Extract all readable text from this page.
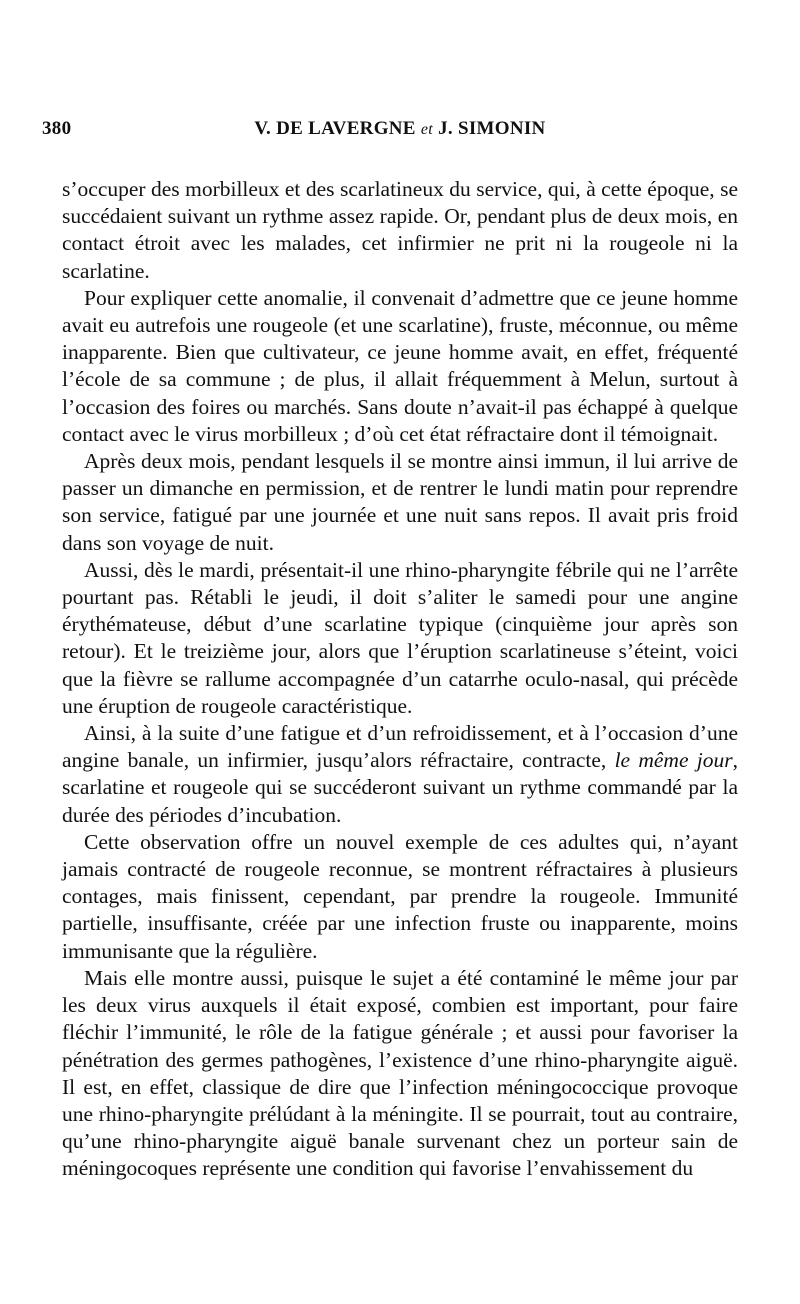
380	V. DE LAVERGNE et J. SIMONIN

s’occuper des morbilleux et des scarlatineux du service, qui, à cette époque, se succédaient suivant un rythme assez rapide. Or, pendant plus de deux mois, en contact étroit avec les malades, cet infirmier ne prit ni la rougeole ni la scarlatine.

Pour expliquer cette anomalie, il convenait d’admettre que ce jeune homme avait eu autrefois une rougeole (et une scarlatine), fruste, méconnue, ou même inapparente. Bien que cultivateur, ce jeune homme avait, en effet, fréquenté l’école de sa commune ; de plus, il allait fréquemment à Melun, surtout à l’occasion des foires ou marchés. Sans doute n’avait-il pas échappé à quelque contact avec le virus morbilleux ; d’où cet état réfractaire dont il témoignait.

Après deux mois, pendant lesquels il se montre ainsi immun, il lui arrive de passer un dimanche en permission, et de rentrer le lundi matin pour reprendre son service, fatigué par une journée et une nuit sans repos. Il avait pris froid dans son voyage de nuit.

Aussi, dès le mardi, présentait-il une rhino-pharyngite fébrile qui ne l’arrête pourtant pas. Rétabli le jeudi, il doit s’aliter le samedi pour une angine érythémateuse, début d’une scarlatine typique (cinquième jour après son retour). Et le treizième jour, alors que l’éruption scarlatineuse s’éteint, voici que la fièvre se rallume accompagnée d’un catarrhe oculo-nasal, qui précède une éruption de rougeole caractéristique.

Ainsi, à la suite d’une fatigue et d’un refroidissement, et à l’occasion d’une angine banale, un infirmier, jusqu’alors réfractaire, contracte, le même jour, scarlatine et rougeole qui se succéderont suivant un rythme commandé par la durée des périodes d’incubation.

Cette observation offre un nouvel exemple de ces adultes qui, n’ayant jamais contracté de rougeole reconnue, se montrent réfractaires à plusieurs contages, mais finissent, cependant, par prendre la rougeole. Immunité partielle, insuffisante, créée par une infection fruste ou inapparente, moins immunisante que la régulière.

Mais elle montre aussi, puisque le sujet a été contaminé le même jour par les deux virus auxquels il était exposé, combien est important, pour faire fléchir l’immunité, le rôle de la fatigue générale ; et aussi pour favoriser la pénétration des germes pathogènes, l’existence d’une rhino-pharyngite aiguë. Il est, en effet, classique de dire que l’infection méningococcique provoque une rhino-pharyngite prélúdant à la méningite. Il se pourrait, tout au contraire, qu’une rhino-pharyngite aiguë banale survenant chez un porteur sain de méningocoques représente une condition qui favorise l’envahissement du
